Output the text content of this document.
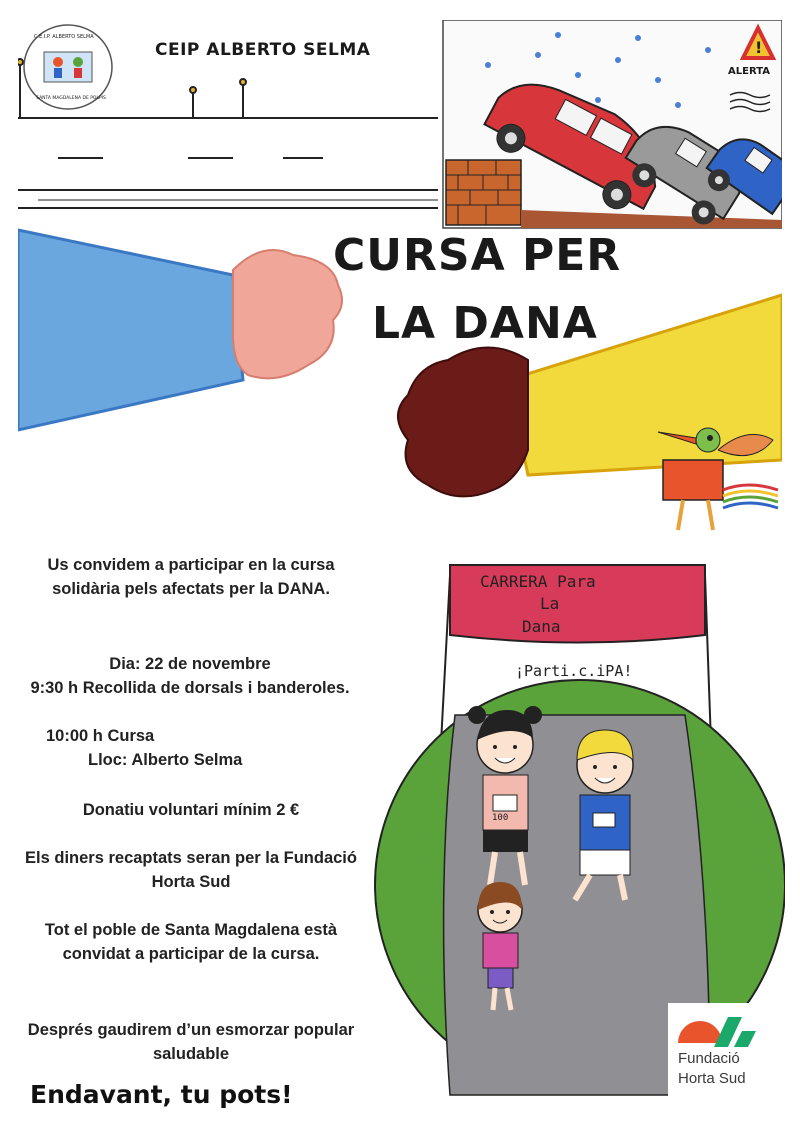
!
C.E.I.P. ALBERTO SELMA
SANTA MAGDALENA DE POLPIS
CEIP ALBERTO SELMA
ALERTA
CURSA PER
LA DANA
CARRERA Para
La
Dana
¡Parti.c.iPA!
100
Us convidem a participar en la cursa solidària pels afectats per la DANA.
Dia: 22 de novembre
9:30 h Recollida de dorsals i banderoles.
10:00 h Cursa
Lloc: Alberto Selma
Donatiu voluntari mínim 2 €
Els diners recaptats seran per la Fundació Horta Sud
Tot el poble de Santa Magdalena està convidat a participar de la cursa.
Després gaudirem d’un esmorzar popular saludable
Endavant, tu pots!
Fundació
Horta Sud
